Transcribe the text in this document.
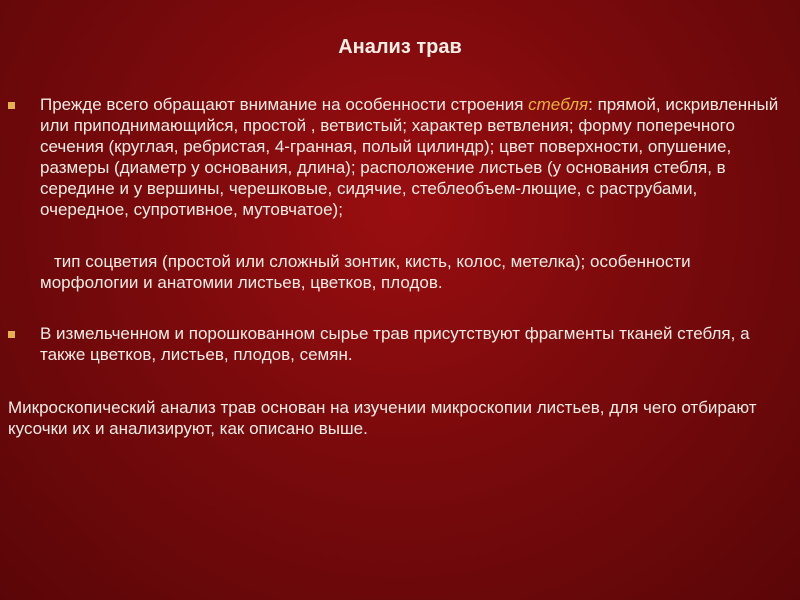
Анализ трав
Прежде всего обращают внимание на особенности строения стебля: прямой, искривленный или приподнимающийся, простой , ветвистый; характер ветвления; форму поперечного сечения (круглая, ребристая, 4-гранная, полый цилиндр); цвет поверхности, опушение, размеры (диаметр у основания, длина); расположение листьев (у основания стебля, в середине и у вершины, черешковые, сидячие, стеблеобъем-лющие, с раструбами, очередное, супротивное, мутовчатое);
тип соцветия (простой или сложный зонтик, кисть, колос, метелка); особенности морфологии и анатомии листьев, цветков, плодов.
В измельченном и порошкованном сырье трав присутствуют фрагменты тканей стебля, а также цветков, листьев, плодов, семян.
Микроскопический анализ трав основан на изучении микроскопии листьев, для чего отбирают кусочки их и анализируют, как описано выше.
